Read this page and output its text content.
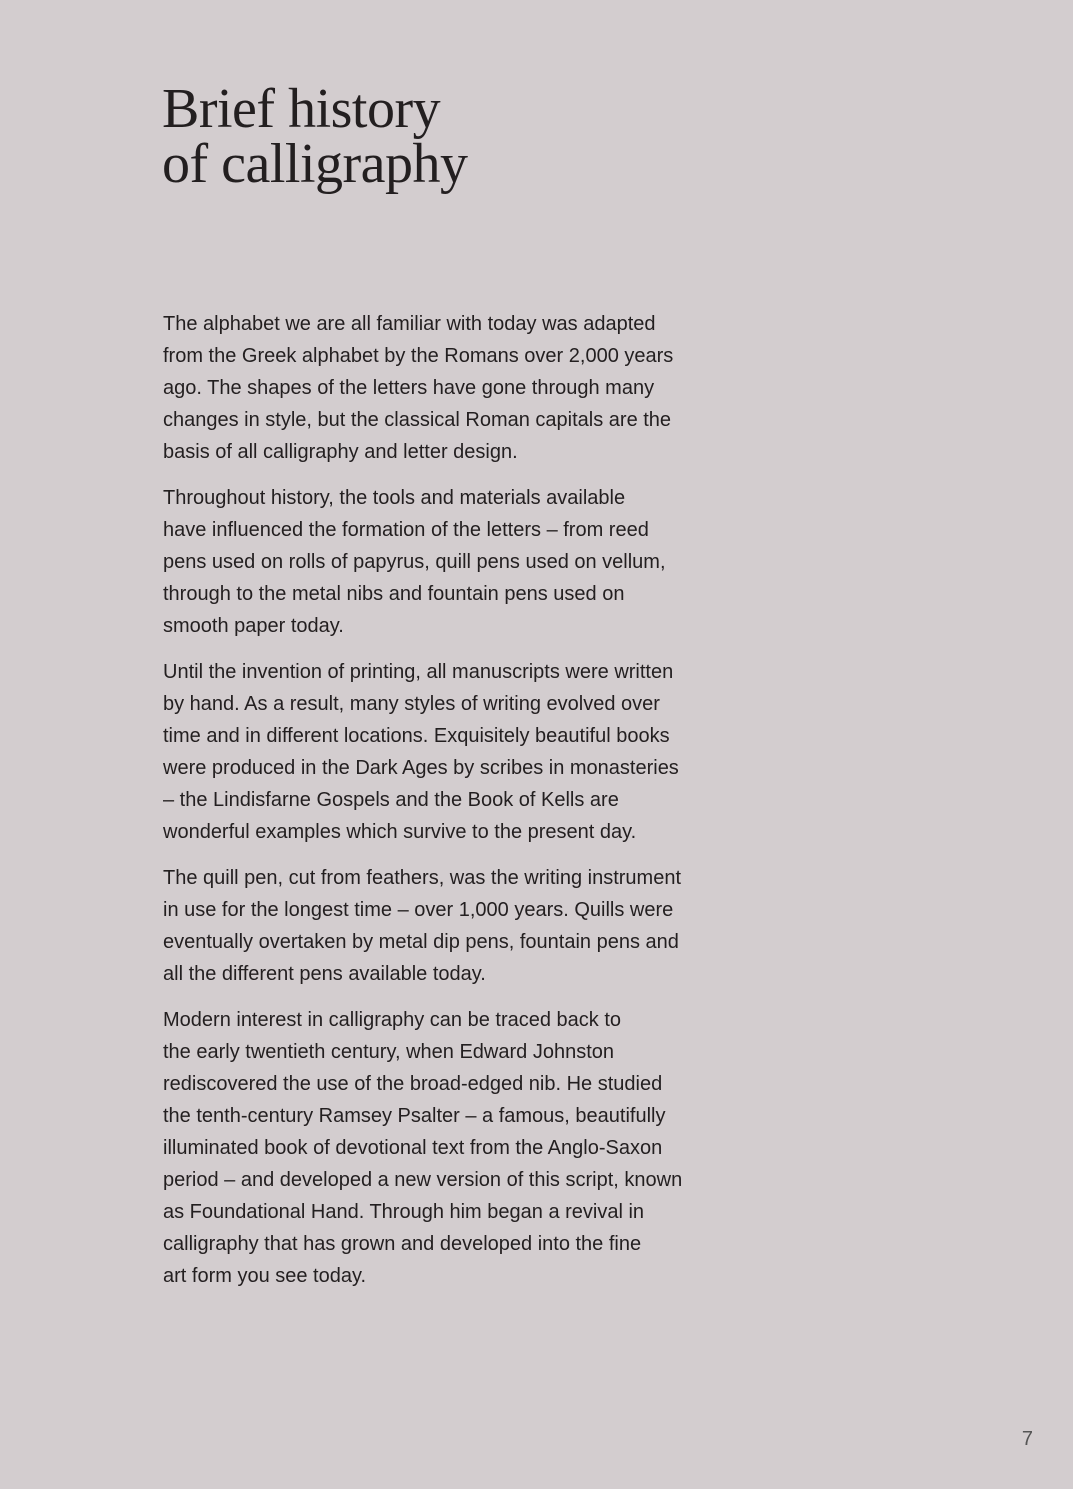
Brief history
of calligraphy

The alphabet we are all familiar with today was adapted
from the Greek alphabet by the Romans over 2,000 years
ago. The shapes of the letters have gone through many
changes in style, but the classical Roman capitals are the
basis of all calligraphy and letter design.

Throughout history, the tools and materials available
have influenced the formation of the letters – from reed
pens used on rolls of papyrus, quill pens used on vellum,
through to the metal nibs and fountain pens used on
smooth paper today.

Until the invention of printing, all manuscripts were written
by hand. As a result, many styles of writing evolved over
time and in different locations. Exquisitely beautiful books
were produced in the Dark Ages by scribes in monasteries
– the Lindisfarne Gospels and the Book of Kells are
wonderful examples which survive to the present day.

The quill pen, cut from feathers, was the writing instrument
in use for the longest time – over 1,000 years. Quills were
eventually overtaken by metal dip pens, fountain pens and
all the different pens available today.

Modern interest in calligraphy can be traced back to
the early twentieth century, when Edward Johnston
rediscovered the use of the broad-edged nib. He studied
the tenth-century Ramsey Psalter – a famous, beautifully
illuminated book of devotional text from the Anglo-Saxon
period – and developed a new version of this script, known
as Foundational Hand. Through him began a revival in
calligraphy that has grown and developed into the fine
art form you see today.

7
